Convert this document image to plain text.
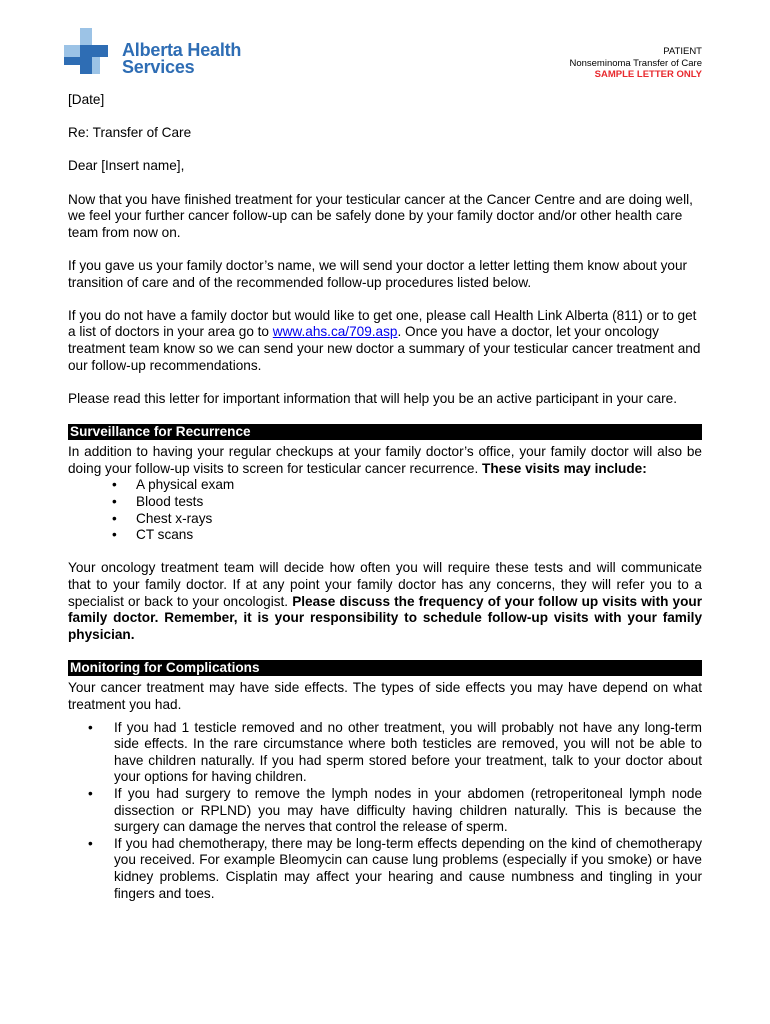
Alberta Health
Services
PATIENT
Nonseminoma Transfer of Care
SAMPLE LETTER ONLY

[Date]

Re: Transfer of Care

Dear [Insert name],

Now that you have finished treatment for your testicular cancer at the Cancer Centre and are doing well, we feel your further cancer follow-up can be safely done by your family doctor and/or other health care team from now on.

If you gave us your family doctor’s name, we will send your doctor a letter letting them know about your transition of care and of the recommended follow-up procedures listed below.

If you do not have a family doctor but would like to get one, please call Health Link Alberta (811) or to get a list of doctors in your area go to www.ahs.ca/709.asp. Once you have a doctor, let your oncology treatment team know so we can send your new doctor a summary of your testicular cancer treatment and our follow-up recommendations.

Please read this letter for important information that will help you be an active participant in your care.

Surveillance for Recurrence
In addition to having your regular checkups at your family doctor’s office, your family doctor will also be doing your follow-up visits to screen for testicular cancer recurrence. These visits may include:
• A physical exam
• Blood tests
• Chest x-rays
• CT scans

Your oncology treatment team will decide how often you will require these tests and will communicate that to your family doctor. If at any point your family doctor has any concerns, they will refer you to a specialist or back to your oncologist. Please discuss the frequency of your follow up visits with your family doctor. Remember, it is your responsibility to schedule follow-up visits with your family physician.

Monitoring for Complications

Your cancer treatment may have side effects. The types of side effects you may have depend on what treatment you had.

• If you had 1 testicle removed and no other treatment, you will probably not have any long-term side effects. In the rare circumstance where both testicles are removed, you will not be able to have children naturally. If you had sperm stored before your treatment, talk to your doctor about your options for having children.
• If you had surgery to remove the lymph nodes in your abdomen (retroperitoneal lymph node dissection or RPLND) you may have difficulty having children naturally. This is because the surgery can damage the nerves that control the release of sperm.
• If you had chemotherapy, there may be long-term effects depending on the kind of chemotherapy you received. For example Bleomycin can cause lung problems (especially if you smoke) or have kidney problems. Cisplatin may affect your hearing and cause numbness and tingling in your fingers and toes.
